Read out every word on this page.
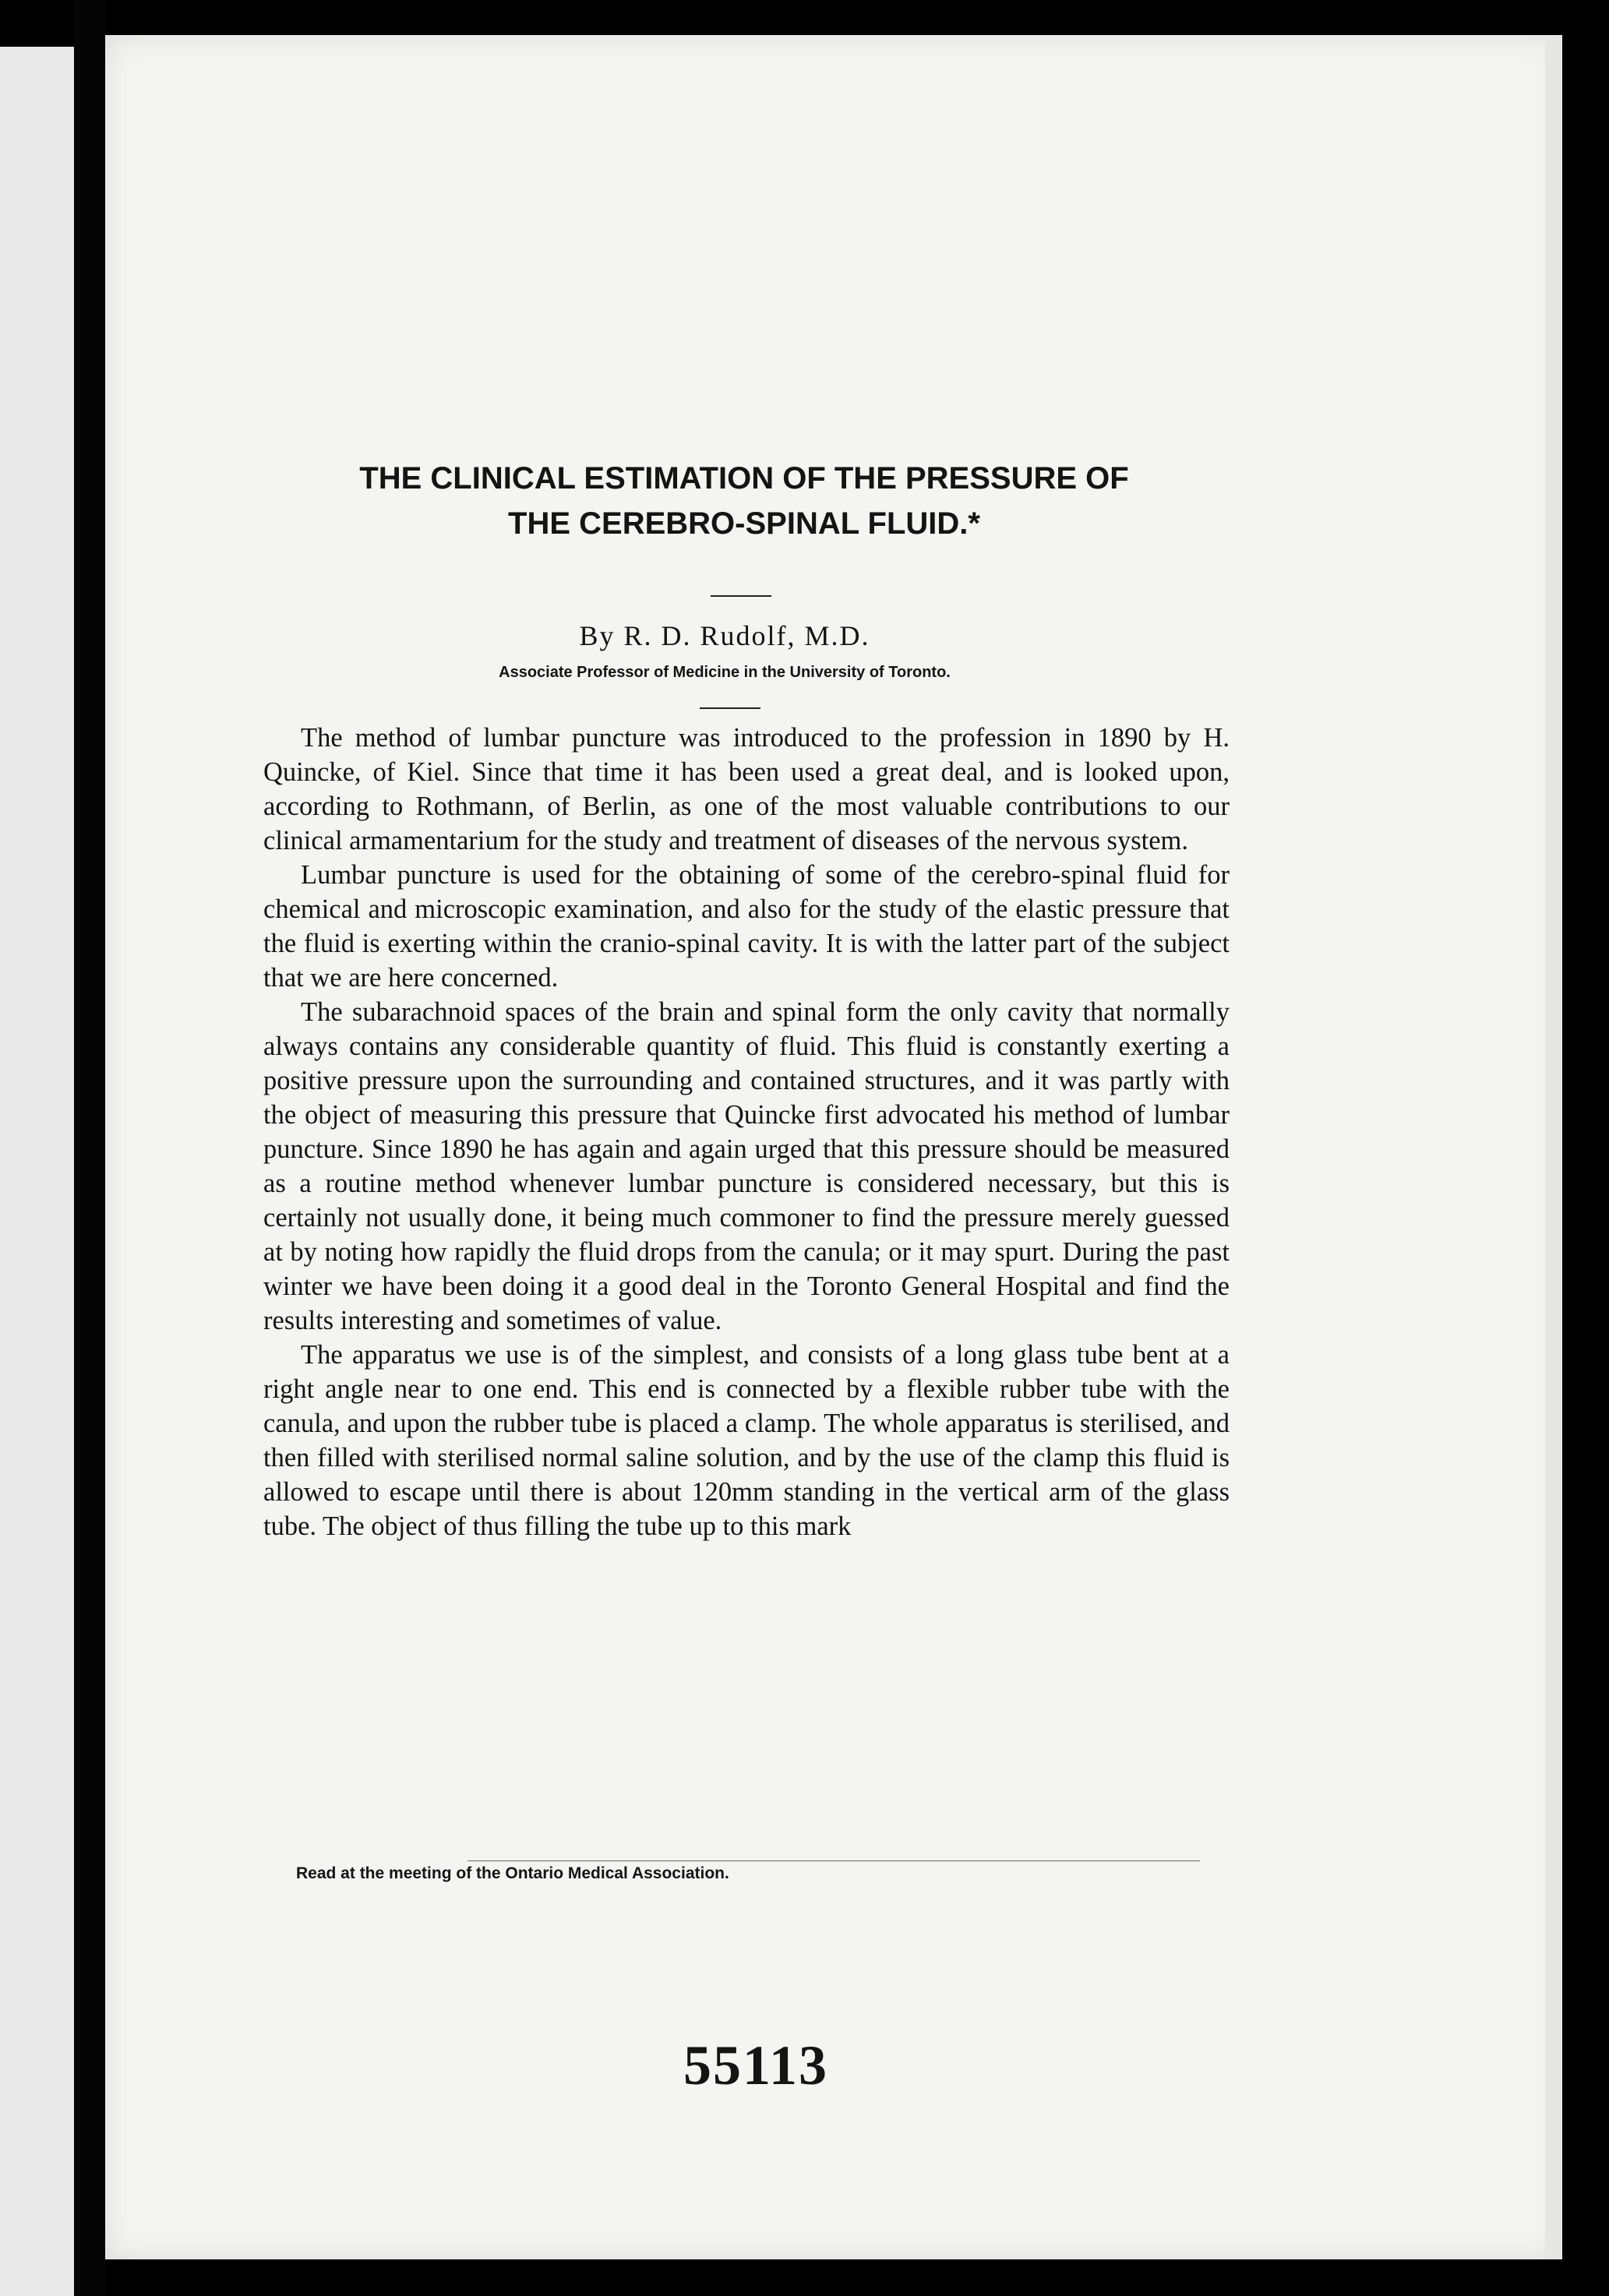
THE CLINICAL ESTIMATION OF THE PRESSURE OF
THE CEREBRO-SPINAL FLUID.*

By R. D. Rudolf, M.D.

Associate Professor of Medicine in the University of Toronto.

The method of lumbar puncture was introduced to the profession in 1890 by H. Quincke, of Kiel. Since that time it has been used a great deal, and is looked upon, according to Rothmann, of Berlin, as one of the most valuable contributions to our clinical armamentarium for the study and treatment of diseases of the nervous system.

Lumbar puncture is used for the obtaining of some of the cerebro-spinal fluid for chemical and microscopic examination, and also for the study of the elastic pressure that the fluid is exerting within the cranio-spinal cavity. It is with the latter part of the subject that we are here concerned.

The subarachnoid spaces of the brain and spinal form the only cavity that normally always contains any considerable quantity of fluid. This fluid is constantly exerting a positive pressure upon the surrounding and contained structures, and it was partly with the object of measuring this pressure that Quincke first advocated his method of lumbar puncture. Since 1890 he has again and again urged that this pressure should be measured as a routine method whenever lumbar puncture is considered necessary, but this is certainly not usually done, it being much commoner to find the pressure merely guessed at by noting how rapidly the fluid drops from the canula; or it may spurt. During the past winter we have been doing it a good deal in the Toronto General Hospital and find the results interesting and sometimes of value.

The apparatus we use is of the simplest, and consists of a long glass tube bent at a right angle near to one end. This end is connected by a flexible rubber tube with the canula, and upon the rubber tube is placed a clamp. The whole apparatus is sterilised, and then filled with sterilised normal saline solution, and by the use of the clamp this fluid is allowed to escape until there is about 120mm standing in the vertical arm of the glass tube. The object of thus filling the tube up to this mark

Read at the meeting of the Ontario Medical Association.

55113
